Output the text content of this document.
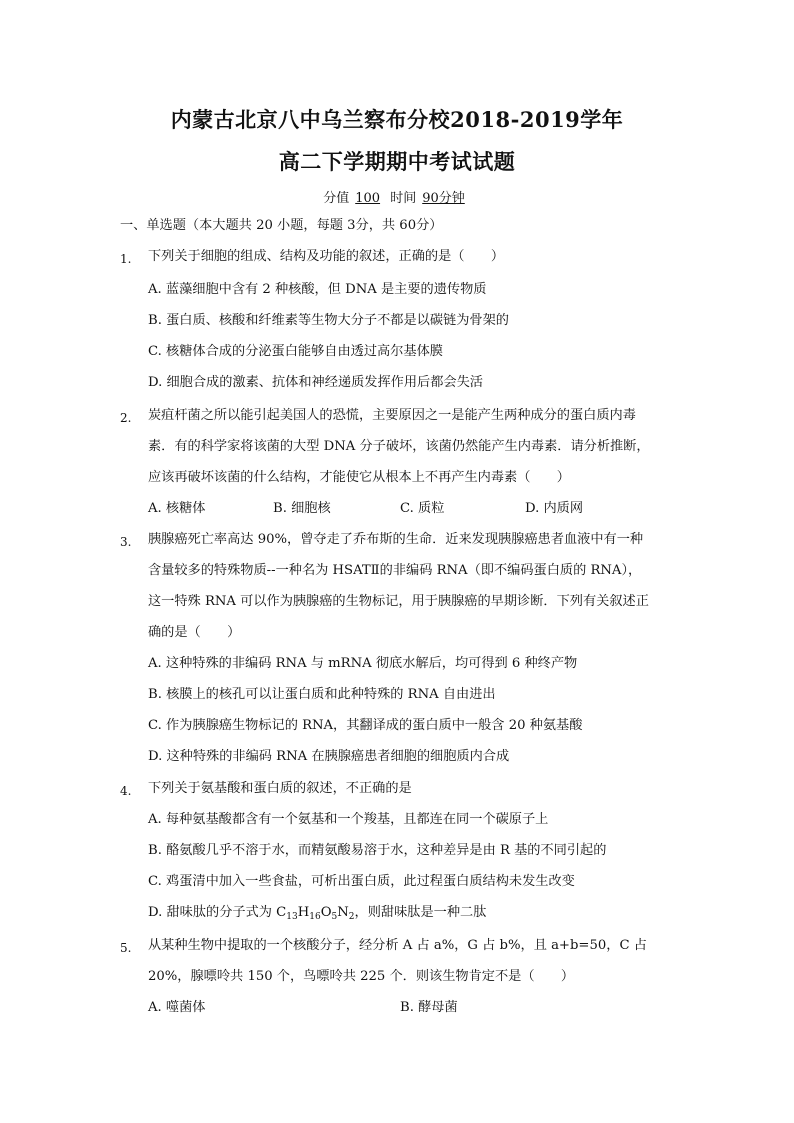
内蒙古北京八中乌兰察布分校2018-2019学年
高二下学期期中考试试题
分值 100 时间 90分钟
一、单选题（本大题共 20 小题，每题 3分，共 60分）
1. 下列关于细胞的组成、结构及功能的叙述，正确的是（　　）
A. 蓝藻细胞中含有 2 种核酸，但 DNA 是主要的遗传物质
B. 蛋白质、核酸和纤维素等生物大分子不都是以碳链为骨架的
C. 核糖体合成的分泌蛋白能够自由透过高尔基体膜
D. 细胞合成的激素、抗体和神经递质发挥作用后都会失活
2. 炭疽杆菌之所以能引起美国人的恐慌，主要原因之一是能产生两种成分的蛋白质内毒
素．有的科学家将该菌的大型 DNA 分子破坏，该菌仍然能产生内毒素．请分析推断，
应该再破坏该菌的什么结构，才能使它从根本上不再产生内毒素（　　）
A. 核糖体	B. 细胞核	C. 质粒	D. 内质网
3. 胰腺癌死亡率高达 90%，曾夺走了乔布斯的生命．近来发现胰腺癌患者血液中有一种
含量较多的特殊物质--一种名为 HSATⅡ的非编码 RNA（即不编码蛋白质的 RNA），
这一特殊 RNA 可以作为胰腺癌的生物标记，用于胰腺癌的早期诊断．下列有关叙述正
确的是（　　）
A. 这种特殊的非编码 RNA 与 mRNA 彻底水解后，均可得到 6 种终产物
B. 核膜上的核孔可以让蛋白质和此种特殊的 RNA 自由进出
C. 作为胰腺癌生物标记的 RNA，其翻译成的蛋白质中一般含 20 种氨基酸
D. 这种特殊的非编码 RNA 在胰腺癌患者细胞的细胞质内合成
4. 下列关于氨基酸和蛋白质的叙述，不正确的是
A. 每种氨基酸都含有一个氨基和一个羧基，且都连在同一个碳原子上
B. 酪氨酸几乎不溶于水，而精氨酸易溶于水，这种差异是由 R 基的不同引起的
C. 鸡蛋清中加入一些食盐，可析出蛋白质，此过程蛋白质结构未发生改变
D. 甜味肽的分子式为 $C_{13}H_{16}O_5N_2$，则甜味肽是一种二肽
5. 从某种生物中提取的一个核酸分子，经分析 A 占 a%，G 占 b%，且 a+b=50，C 占
20%，腺嘌呤共 150 个，鸟嘌呤共 225 个．则该生物肯定不是（　　）
A. 噬菌体	B. 酵母菌
